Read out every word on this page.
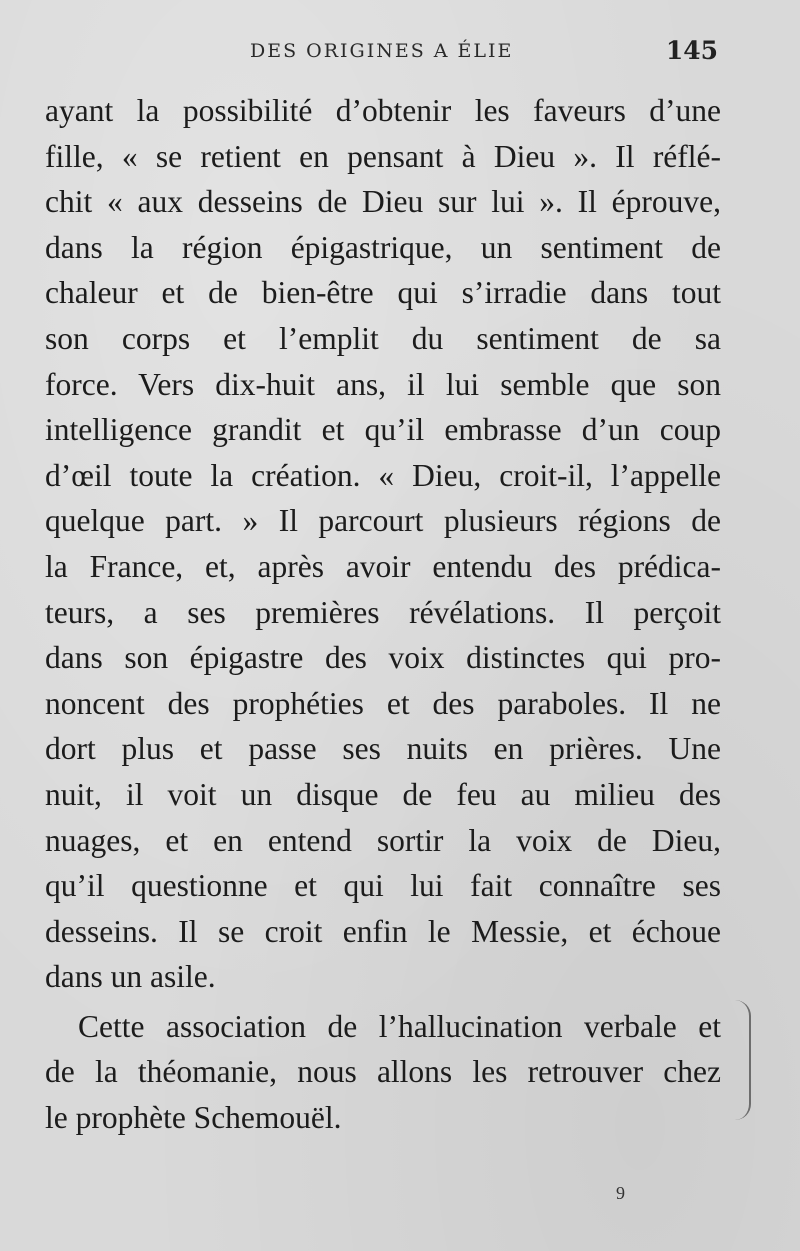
DES ORIGINES A ÉLIE	145
ayant la possibilité d’obtenir les faveurs d’une
fille, « se retient en pensant à Dieu ». Il réflé-
chit « aux desseins de Dieu sur lui ». Il éprouve,
dans la région épigastrique, un sentiment de
chaleur et de bien-être qui s’irradie dans tout
son corps et l’emplit du sentiment de sa
force. Vers dix-huit ans, il lui semble que son
intelligence grandit et qu’il embrasse d’un coup
d’œil toute la création. « Dieu, croit-il, l’appelle
quelque part. » Il parcourt plusieurs régions de
la France, et, après avoir entendu des prédica-
teurs, a ses premières révélations. Il perçoit
dans son épigastre des voix distinctes qui pro-
noncent des prophéties et des paraboles. Il ne
dort plus et passe ses nuits en prières. Une
nuit, il voit un disque de feu au milieu des
nuages, et en entend sortir la voix de Dieu,
qu’il questionne et qui lui fait connaître ses
desseins. Il se croit enfin le Messie, et échoue
dans un asile.
Cette association de l’hallucination verbale et
de la théomanie, nous allons les retrouver chez
le prophète Schemouël.
9
